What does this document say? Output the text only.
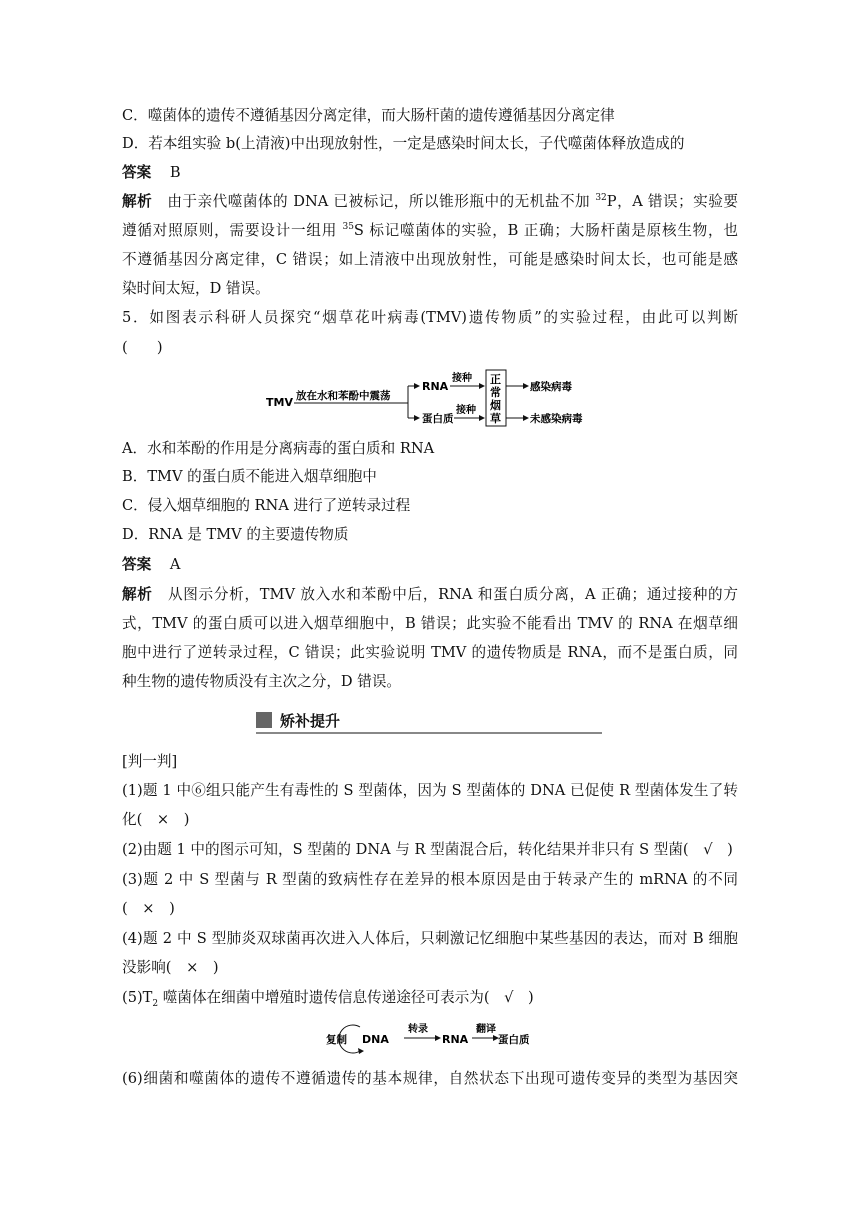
C．噬菌体的遗传不遵循基因分离定律，而大肠杆菌的遗传遵循基因分离定律
D．若本组实验 b(上清液)中出现放射性，一定是感染时间太长，子代噬菌体释放造成的
答案 B
解析　 由于亲代噬菌体的 DNA 已被标记，所以锥形瓶中的无机盐不加 $^{32}$P，A 错误；实验要
遵循对照原则，需要设计一组用 $^{35}$S 标记噬菌体的实验，B 正确；大肠杆菌是原核生物，也
不遵循基因分离定律，C 错误；如上清液中出现放射性，可能是感染时间太长，也可能是感
染时间太短，D 错误。
5．如图表示科研人员探究“烟草花叶病毒(TMV)遗传物质”的实验过程，由此可以判断
(　　)
TMV 放在水和苯酚中震荡
RNA
蛋白质
接种
接种
正
常
烟
草
感染病毒
未感染病毒
A．水和苯酚的作用是分离病毒的蛋白质和 RNA
B．TMV 的蛋白质不能进入烟草细胞中
C．侵入烟草细胞的 RNA 进行了逆转录过程
D．RNA 是 TMV 的主要遗传物质
答案 A
解析　 从图示分析，TMV 放入水和苯酚中后，RNA 和蛋白质分离，A 正确；通过接种的方
式，TMV 的蛋白质可以进入烟草细胞中，B 错误；此实验不能看出 TMV 的 RNA 在烟草细
胞中进行了逆转录过程，C 错误；此实验说明 TMV 的遗传物质是 RNA，而不是蛋白质，同
种生物的遗传物质没有主次之分，D 错误。
矫补提升
[判一判]
(1)题 1 中⑥组只能产生有毒性的 S 型菌体，因为 S 型菌体的 DNA 已促使 R 型菌体发生了转
化(　×　)
(2)由题 1 中的图示可知，S 型菌的 DNA 与 R 型菌混合后，转化结果并非只有 S 型菌(　√　)
(3)题 2 中 S 型菌与 R 型菌的致病性存在差异的根本原因是由于转录产生的 mRNA 的不同
(　×　)
(4)题 2 中 S 型肺炎双球菌再次进入人体后，只刺激记忆细胞中某些基因的表达，而对 B 细胞
没影响(　×　)
$(5)T_2$ 噬菌体在细菌中增殖时遗传信息传递途径可表示为(　√　)
复制 DNA
转录
RNA
翻译
蛋白质
(6)细菌和噬菌体的遗传不遵循遗传的基本规律，自然状态下出现可遗传变异的类型为基因突
